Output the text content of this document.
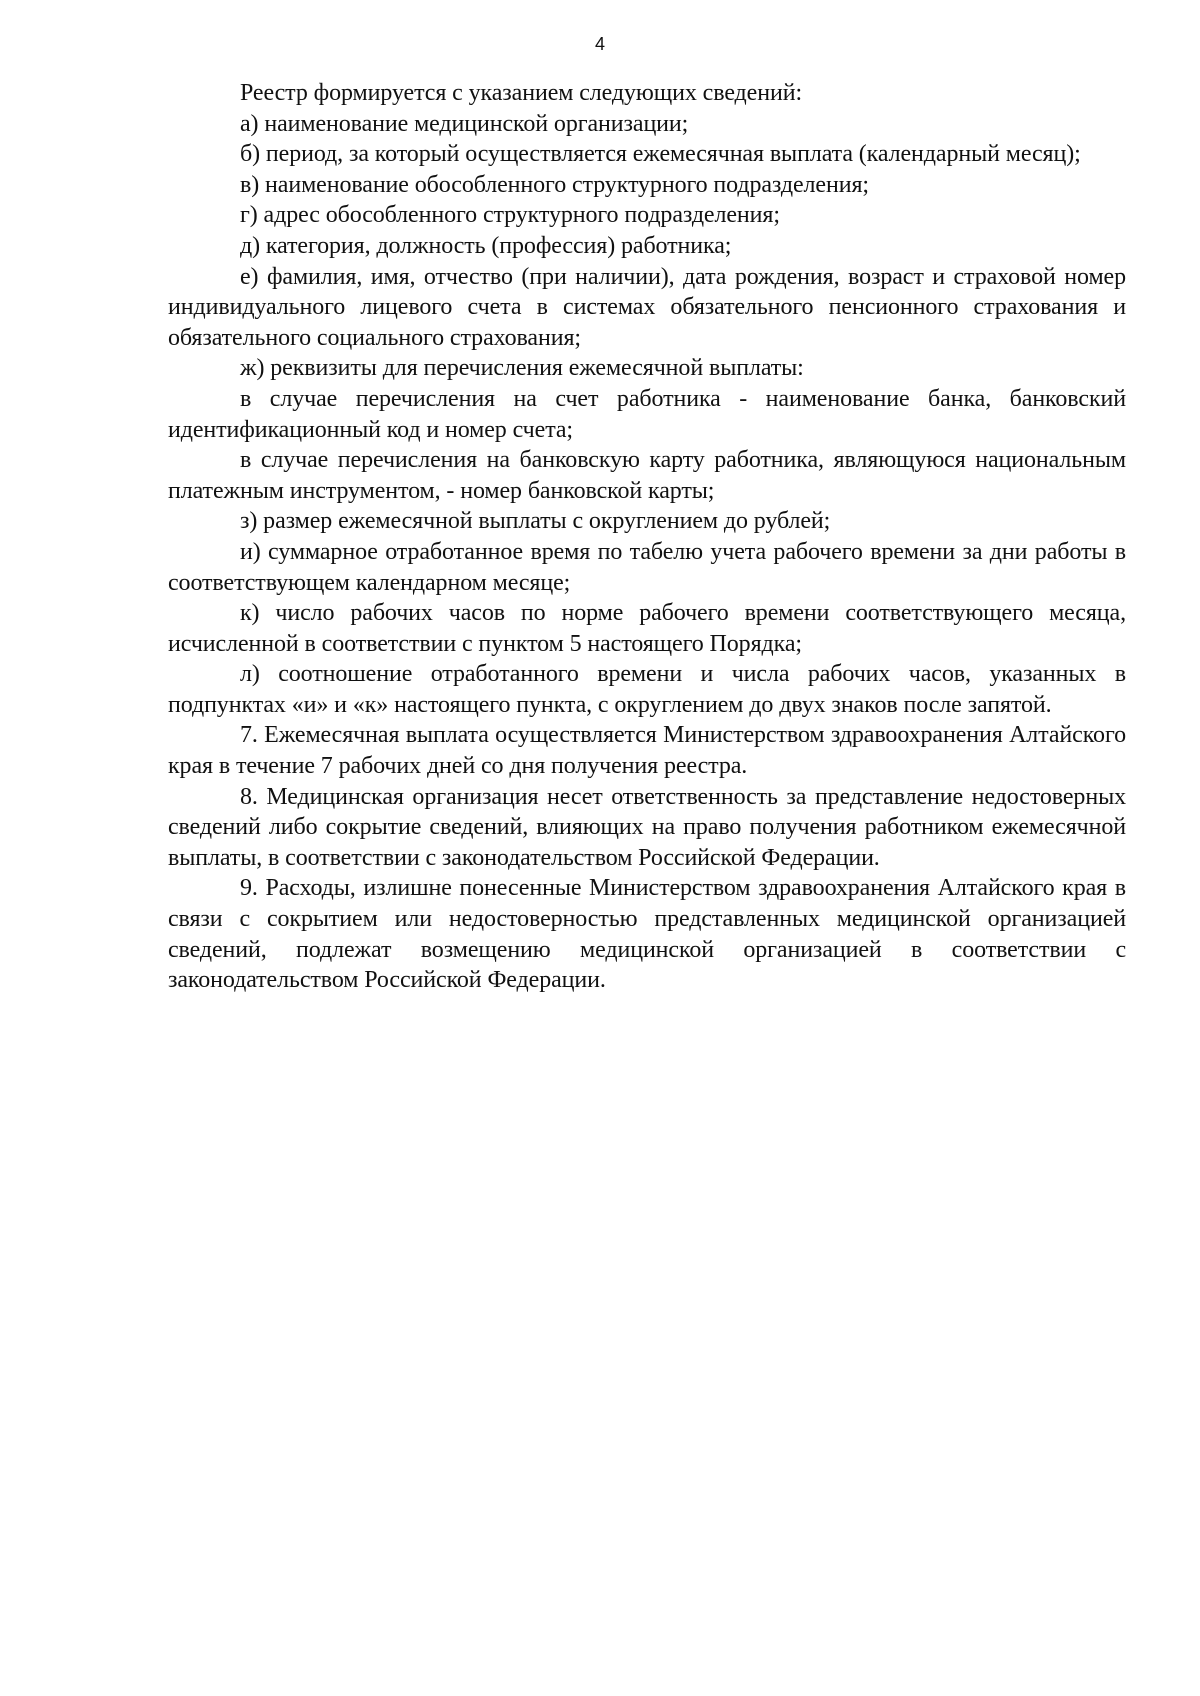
4

Реестр формируется с указанием следующих сведений:

а) наименование медицинской организации;

б) период, за который осуществляется ежемесячная выплата (календарный месяц);

в) наименование обособленного структурного подразделения;

г) адрес обособленного структурного подразделения;

д) категория, должность (профессия) работника;

е) фамилия, имя, отчество (при наличии), дата рождения, возраст и страховой номер индивидуального лицевого счета в системах обязательного пенсионного страхования и обязательного социального страхования;

ж) реквизиты для перечисления ежемесячной выплаты:

в случае перечисления на счет работника - наименование банка, банковский идентификационный код и номер счета;

в случае перечисления на банковскую карту работника, являющуюся национальным платежным инструментом, - номер банковской карты;

з) размер ежемесячной выплаты с округлением до рублей;

и) суммарное отработанное время по табелю учета рабочего времени за дни работы в соответствующем календарном месяце;

к) число рабочих часов по норме рабочего времени соответствующего месяца, исчисленной в соответствии с пунктом 5 настоящего Порядка;

л) соотношение отработанного времени и числа рабочих часов, указанных в подпунктах «и» и «к» настоящего пункта, с округлением до двух знаков после запятой.

7. Ежемесячная выплата осуществляется Министерством здравоохранения Алтайского края в течение 7 рабочих дней со дня получения реестра.

8. Медицинская организация несет ответственность за представление недостоверных сведений либо сокрытие сведений, влияющих на право получения работником ежемесячной выплаты, в соответствии с законодательством Российской Федерации.

9. Расходы, излишне понесенные Министерством здравоохранения Алтайского края в связи с сокрытием или недостоверностью представленных медицинской организацией сведений, подлежат возмещению медицинской организацией в соответствии с законодательством Российской Федерации.
